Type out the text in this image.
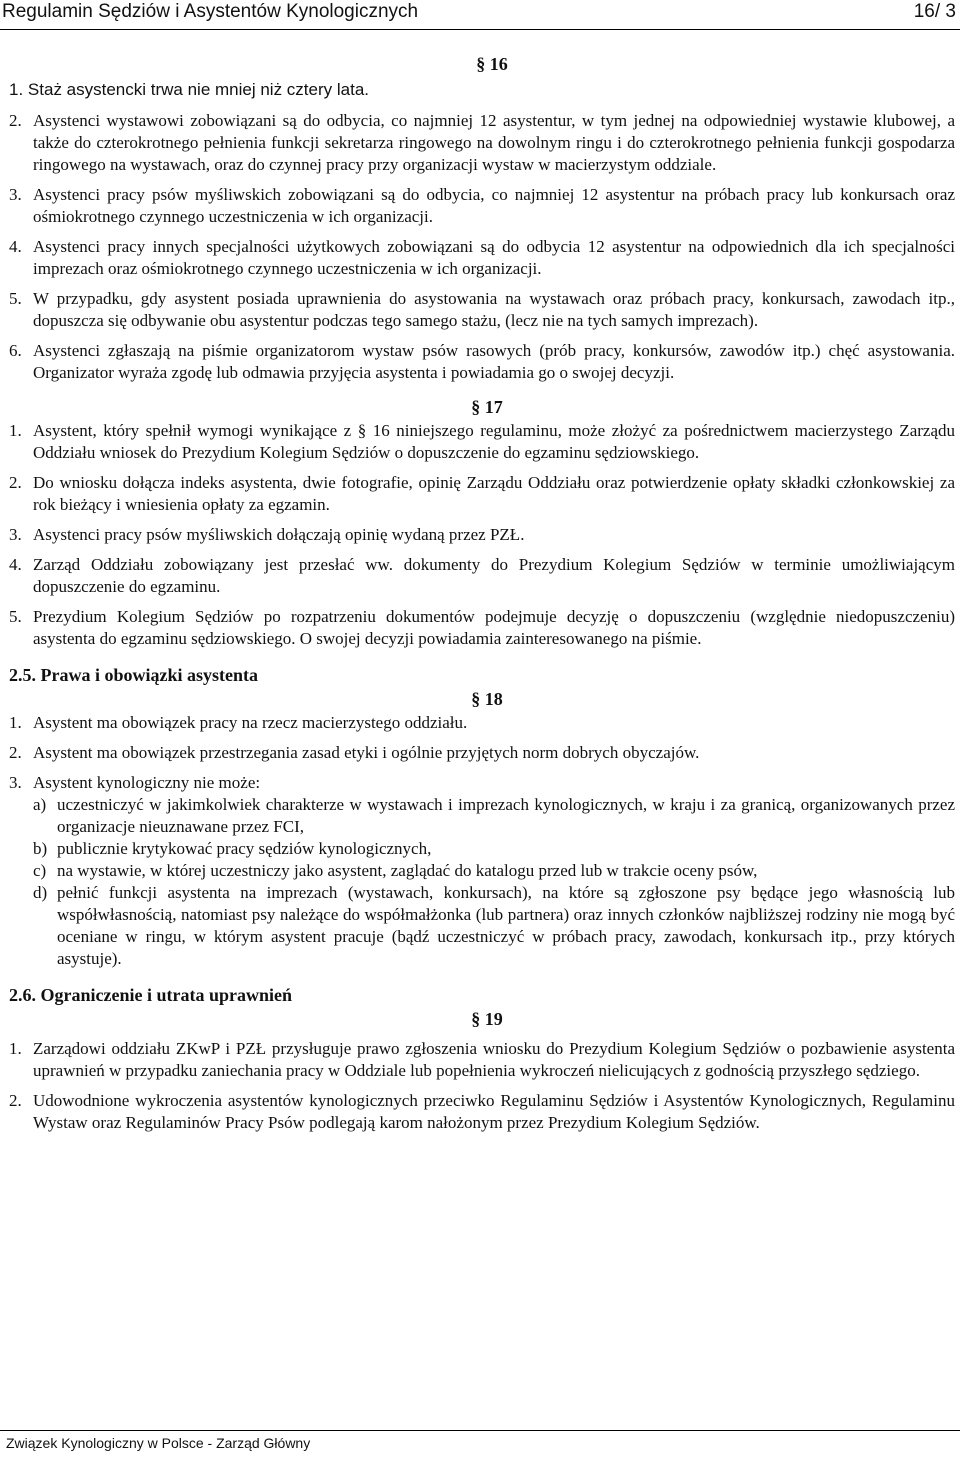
Regulamin Sędziów i Asystentów Kynologicznych	16/ 3
§ 16
1. Staż asystencki trwa nie mniej niż cztery lata.
2. Asystenci wystawowi zobowiązani są do odbycia, co najmniej 12 asystentur, w tym jednej na odpowiedniej wystawie klubowej, a także do czterokrotnego pełnienia funkcji sekretarza ringowego na dowolnym ringu i do czterokrotnego pełnienia funkcji gospodarza ringowego na wystawach, oraz do czynnej pracy przy organizacji wystaw w macierzystym oddziale.
3. Asystenci pracy psów myśliwskich zobowiązani są do odbycia, co najmniej 12 asystentur na próbach pracy lub konkursach oraz ośmiokrotnego czynnego uczestniczenia w ich organizacji.
4. Asystenci pracy innych specjalności użytkowych zobowiązani są do odbycia 12 asystentur na odpowiednich dla ich specjalności imprezach oraz ośmiokrotnego czynnego uczestniczenia w ich organizacji.
5. W przypadku, gdy asystent posiada uprawnienia do asystowania na wystawach oraz próbach pracy, konkursach, zawodach itp., dopuszcza się odbywanie obu asystentur podczas tego samego stażu, (lecz nie na tych samych imprezach).
6. Asystenci zgłaszają na piśmie organizatorom wystaw psów rasowych (prób pracy, konkursów, zawodów itp.) chęć asystowania. Organizator wyraża zgodę lub odmawia przyjęcia asystenta i powiadamia go o swojej decyzji.
§ 17
1. Asystent, który spełnił wymogi wynikające z § 16 niniejszego regulaminu, może złożyć za pośrednictwem macierzystego Zarządu Oddziału wniosek do Prezydium Kolegium Sędziów o dopuszczenie do egzaminu sędziowskiego.
2. Do wniosku dołącza indeks asystenta, dwie fotografie, opinię Zarządu Oddziału oraz potwierdzenie opłaty składki członkowskiej za rok bieżący i wniesienia opłaty za egzamin.
3. Asystenci pracy psów myśliwskich dołączają opinię wydaną przez PZŁ.
4. Zarząd Oddziału zobowiązany jest przesłać ww. dokumenty do Prezydium Kolegium Sędziów w terminie umożliwiającym dopuszczenie do egzaminu.
5. Prezydium Kolegium Sędziów po rozpatrzeniu dokumentów podejmuje decyzję o dopuszczeniu (względnie niedopuszczeniu) asystenta do egzaminu sędziowskiego. O swojej decyzji powiadamia zainteresowanego na piśmie.
2.5. Prawa i obowiązki asystenta
§ 18
1. Asystent ma obowiązek pracy na rzecz macierzystego oddziału.
2. Asystent ma obowiązek przestrzegania zasad etyki i ogólnie przyjętych norm dobrych obyczajów.
3. Asystent kynologiczny nie może:
a) uczestniczyć w jakimkolwiek charakterze w wystawach i imprezach kynologicznych, w kraju i za granicą, organizowanych przez organizacje nieuznawane przez FCI,
b) publicznie krytykować pracy sędziów kynologicznych,
c) na wystawie, w której uczestniczy jako asystent, zaglądać do katalogu przed lub w trakcie oceny psów,
d) pełnić funkcji asystenta na imprezach (wystawach, konkursach), na które są zgłoszone psy będące jego własnością lub współwłasnością, natomiast psy należące do współmałżonka (lub partnera) oraz innych członków najbliższej rodziny nie mogą być oceniane w ringu, w którym asystent pracuje (bądź uczestniczyć w próbach pracy, zawodach, konkursach itp., przy których asystuje).
2.6. Ograniczenie i utrata uprawnień
§ 19
1. Zarządowi oddziału ZKwP i PZŁ przysługuje prawo zgłoszenia wniosku do Prezydium Kolegium Sędziów o pozbawienie asystenta uprawnień w przypadku zaniechania pracy w Oddziale lub popełnienia wykroczeń nielicujących z godnością przyszłego sędziego.
2. Udowodnione wykroczenia asystentów kynologicznych przeciwko Regulaminu Sędziów i Asystentów Kynologicznych, Regulaminu Wystaw oraz Regulaminów Pracy Psów podlegają karom nałożonym przez Prezydium Kolegium Sędziów.
Związek Kynologiczny w Polsce - Zarząd Główny
